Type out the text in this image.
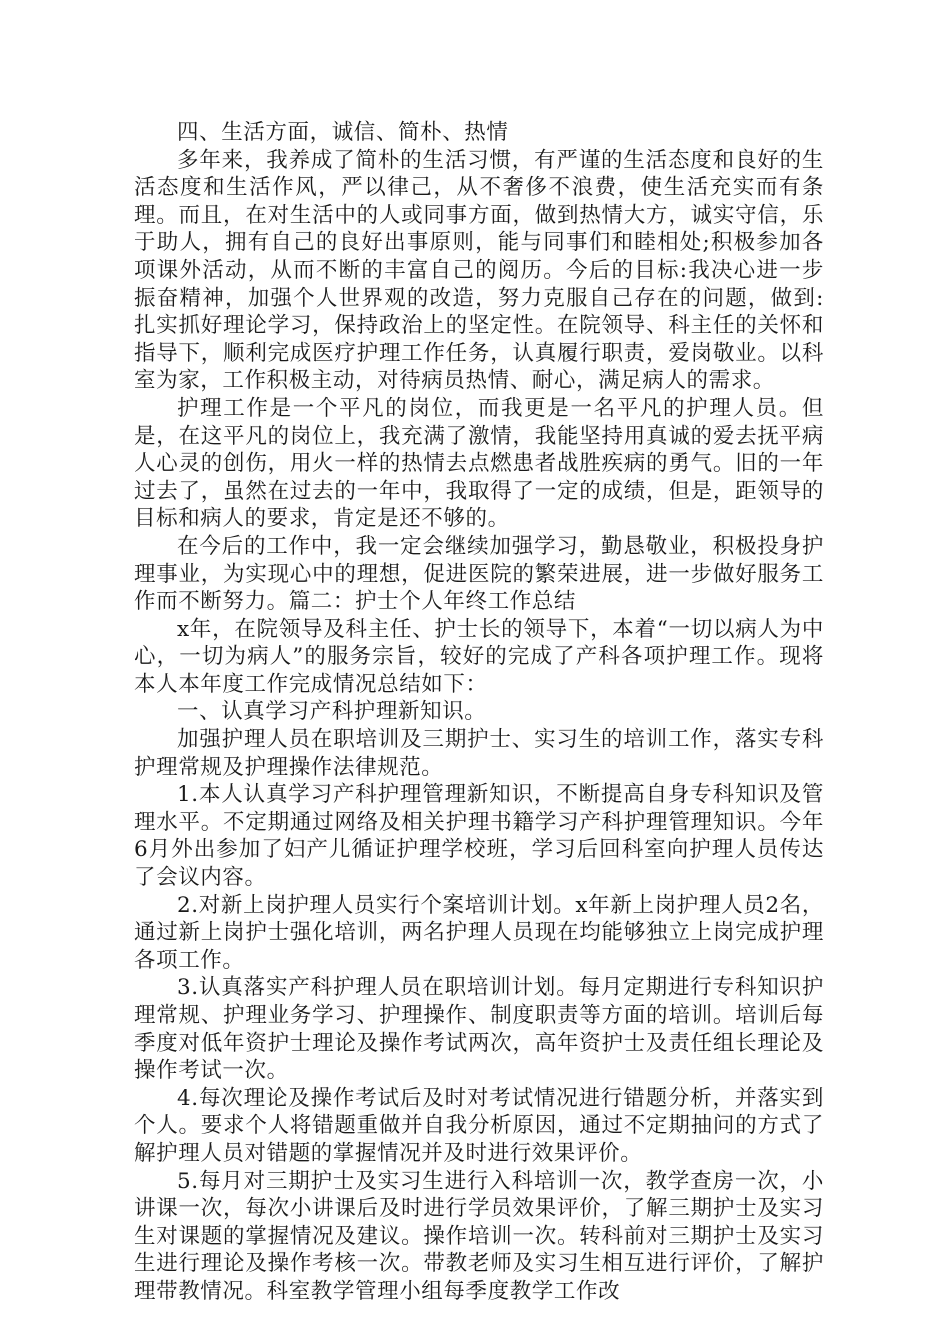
四、生活方面，诚信、简朴、热情

多年来，我养成了简朴的生活习惯，有严谨的生活态度和良好的生活态度和生活作风，严以律己，从不奢侈不浪费，使生活充实而有条理。而且，在对生活中的人或同事方面，做到热情大方，诚实守信，乐于助人，拥有自己的良好出事原则，能与同事们和睦相处;积极参加各项课外活动，从而不断的丰富自己的阅历。今后的目标:我决心进一步振奋精神，加强个人世界观的改造，努力克服自己存在的问题，做到:扎实抓好理论学习，保持政治上的坚定性。在院领导、科主任的关怀和指导下，顺利完成医疗护理工作任务，认真履行职责，爱岗敬业。以科室为家，工作积极主动，对待病员热情、耐心，满足病人的需求。

护理工作是一个平凡的岗位，而我更是一名平凡的护理人员。但是，在这平凡的岗位上，我充满了激情，我能坚持用真诚的爱去抚平病人心灵的创伤，用火一样的热情去点燃患者战胜疾病的勇气。旧的一年过去了，虽然在过去的一年中，我取得了一定的成绩，但是，距领导的目标和病人的要求，肯定是还不够的。

在今后的工作中，我一定会继续加强学习，勤恳敬业，积极投身护理事业，为实现心中的理想，促进医院的繁荣进展，进一步做好服务工作而不断努力。篇二：护士个人年终工作总结

x年，在院领导及科主任、护士长的领导下，本着“一切以病人为中心，一切为病人”的服务宗旨，较好的完成了产科各项护理工作。现将本人本年度工作完成情况总结如下：

一、认真学习产科护理新知识。

加强护理人员在职培训及三期护士、实习生的培训工作，落实专科护理常规及护理操作法律规范。

1.本人认真学习产科护理管理新知识，不断提高自身专科知识及管理水平。不定期通过网络及相关护理书籍学习产科护理管理知识。今年6月外出参加了妇产儿循证护理学校班，学习后回科室向护理人员传达了会议内容。

2.对新上岗护理人员实行个案培训计划。x年新上岗护理人员2名，通过新上岗护士强化培训，两名护理人员现在均能够独立上岗完成护理各项工作。

3.认真落实产科护理人员在职培训计划。每月定期进行专科知识护理常规、护理业务学习、护理操作、制度职责等方面的培训。培训后每季度对低年资护士理论及操作考试两次，高年资护士及责任组长理论及操作考试一次。

4.每次理论及操作考试后及时对考试情况进行错题分析，并落实到个人。要求个人将错题重做并自我分析原因，通过不定期抽问的方式了解护理人员对错题的掌握情况并及时进行效果评价。

5.每月对三期护士及实习生进行入科培训一次，教学查房一次，小讲课一次，每次小讲课后及时进行学员效果评价，了解三期护士及实习生对课题的掌握情况及建议。操作培训一次。转科前对三期护士及实习生进行理论及操作考核一次。带教老师及实习生相互进行评价，了解护理带教情况。科室教学管理小组每季度教学工作改
